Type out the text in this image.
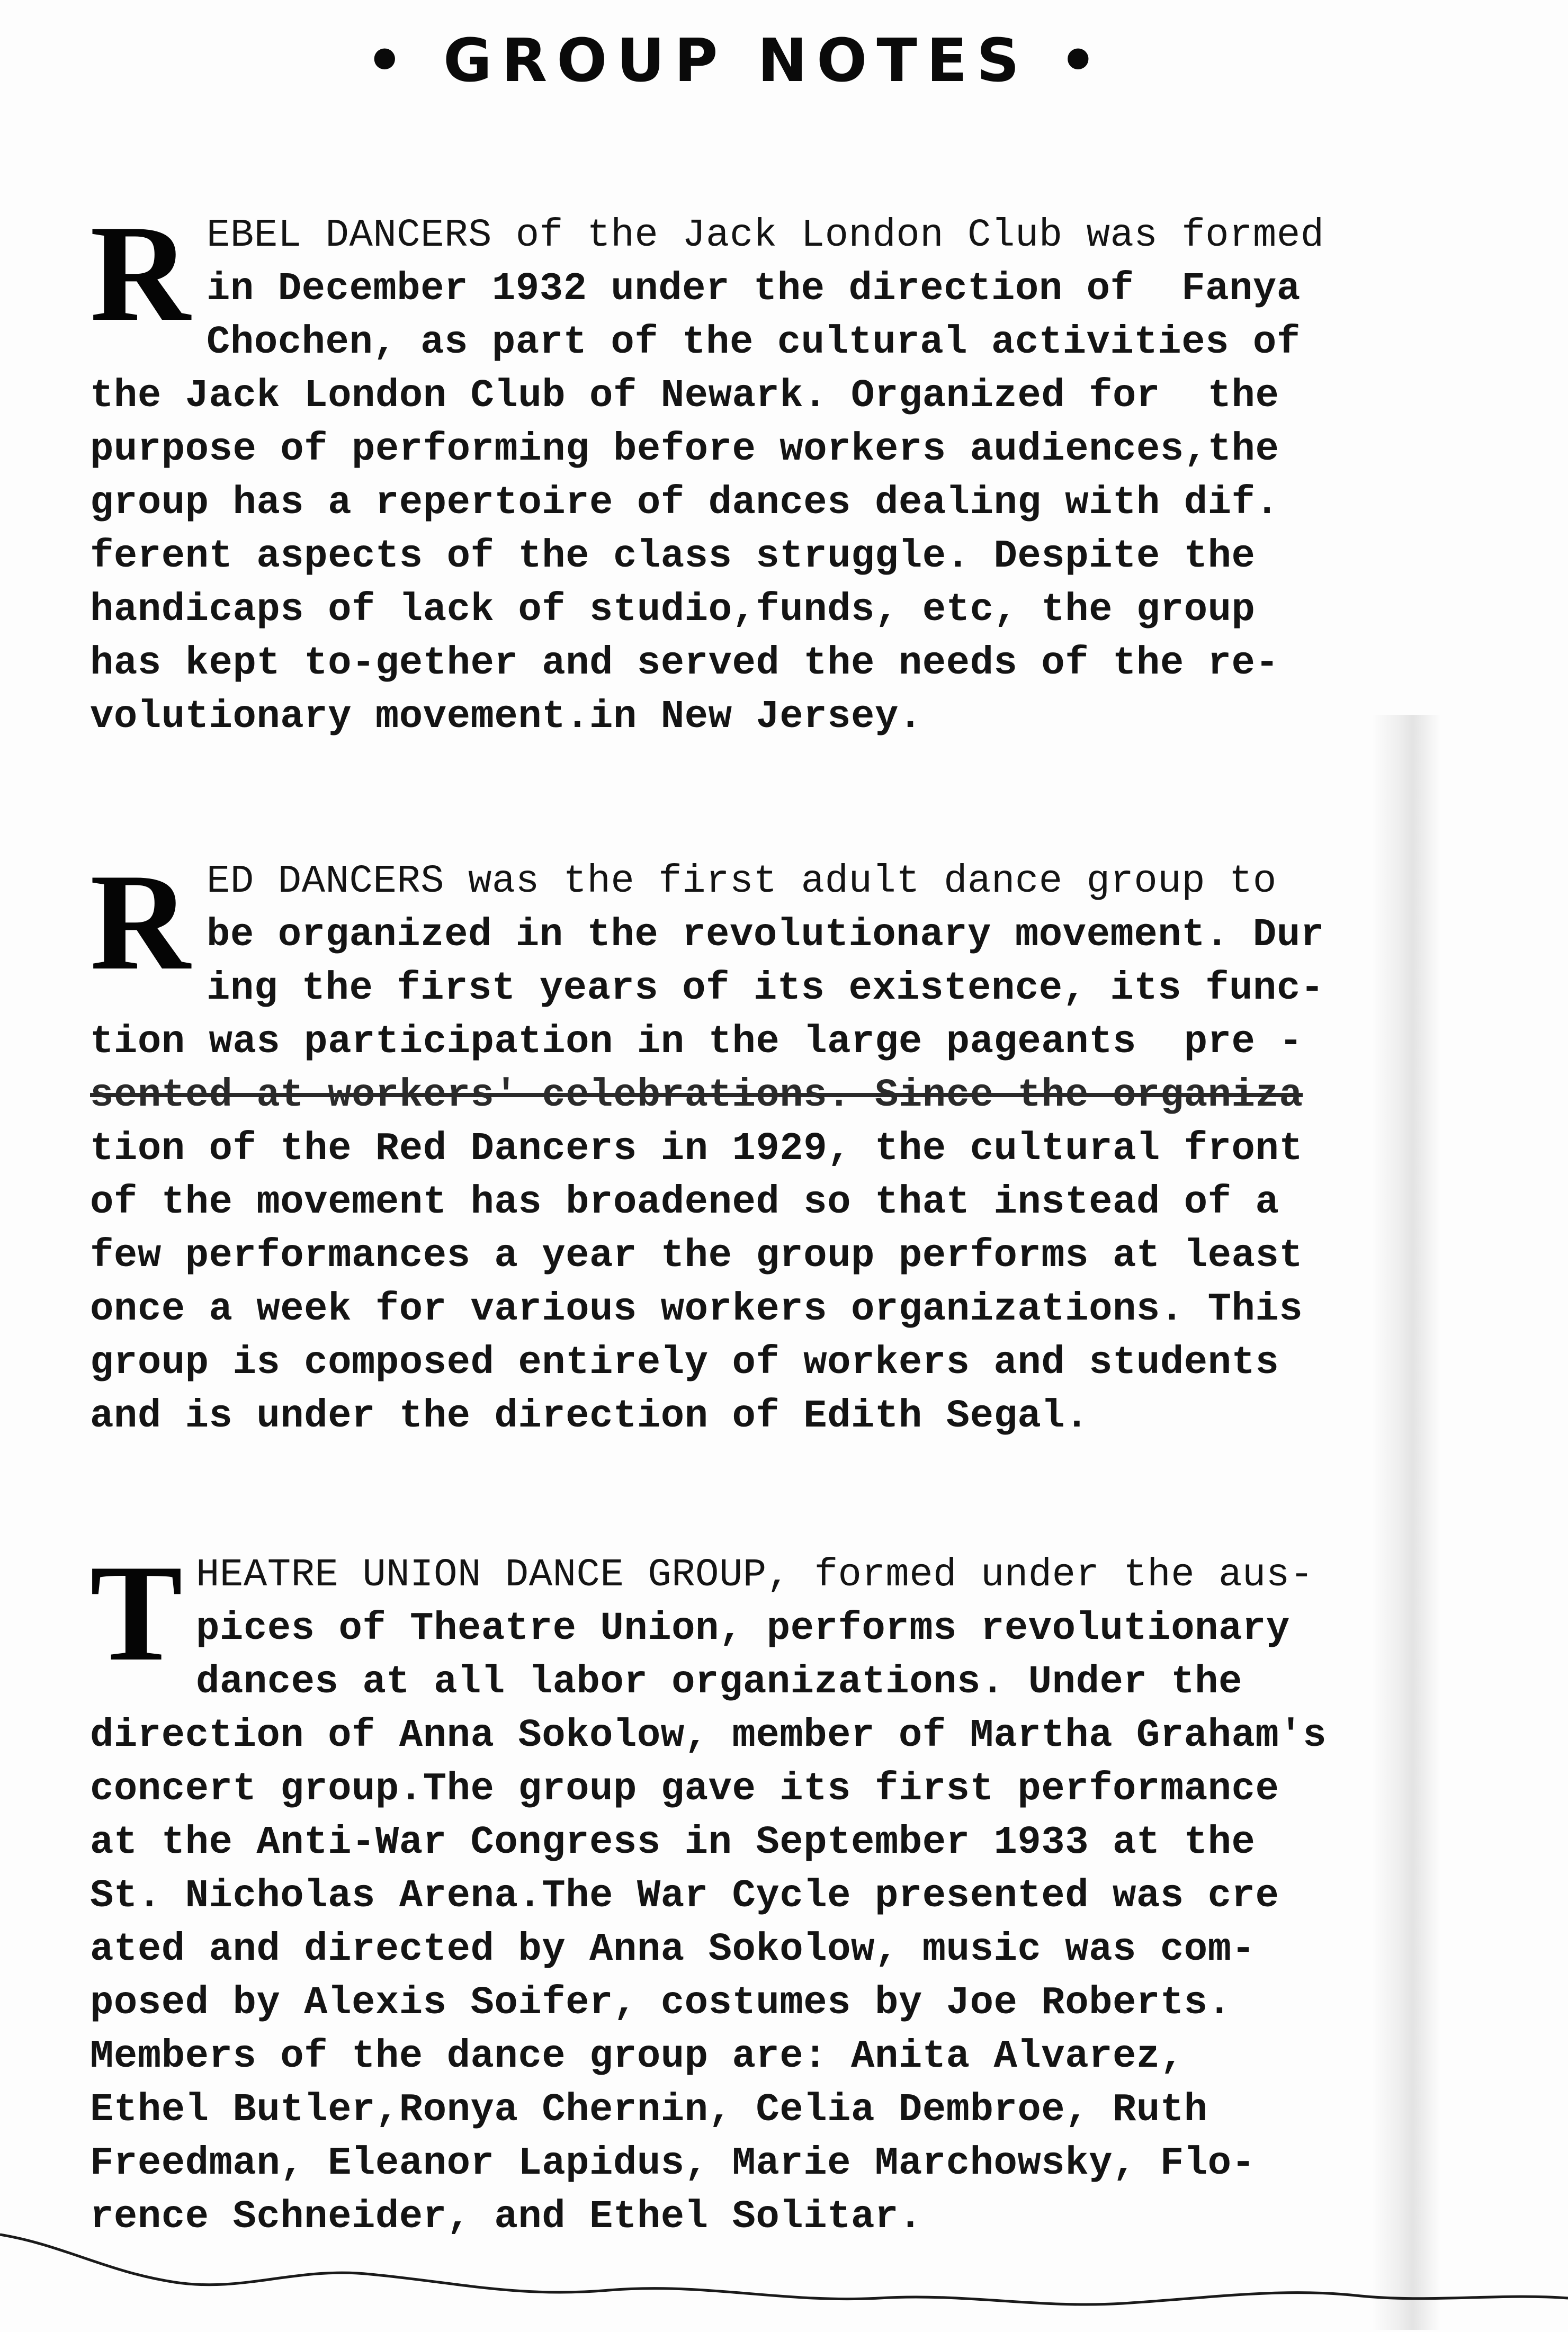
• GROUP NOTES •
R EBEL DANCERS of the Jack London Club was formed

in December 1932 under the direction of  Fanya

Chochen, as part of the cultural activities of

the Jack London Club of Newark. Organized for  the

purpose of performing before workers audiences,the

group has a repertoire of dances dealing with dif.

ferent aspects of the class struggle. Despite the

handicaps of lack of studio,funds, etc, the group

has kept to-gether and served the needs of the re-

volutionary movement.in New Jersey.

R ED DANCERS was the first adult dance group to

be organized in the revolutionary movement. Dur

ing the first years of its existence, its func-

tion was participation in the large pageants  pre -

sented at workers' celebrations. Since the organiza

tion of the Red Dancers in 1929, the cultural front

of the movement has broadened so that instead of a

few performances a year the group performs at least

once a week for various workers organizations. This

group is composed entirely of workers and students

and is under the direction of Edith Segal.

T HEATRE UNION DANCE GROUP, formed under the aus-

pices of Theatre Union, performs revolutionary

dances at all labor organizations. Under the

direction of Anna Sokolow, member of Martha Graham's

concert group.The group gave its first performance

at the Anti-War Congress in September 1933 at the

St. Nicholas Arena.The War Cycle presented was cre

ated and directed by Anna Sokolow, music was com-

posed by Alexis Soifer, costumes by Joe Roberts.

Members of the dance group are: Anita Alvarez,

Ethel Butler,Ronya Chernin, Celia Dembroe, Ruth

Freedman, Eleanor Lapidus, Marie Marchowsky, Flo-

rence Schneider, and Ethel Solitar.
